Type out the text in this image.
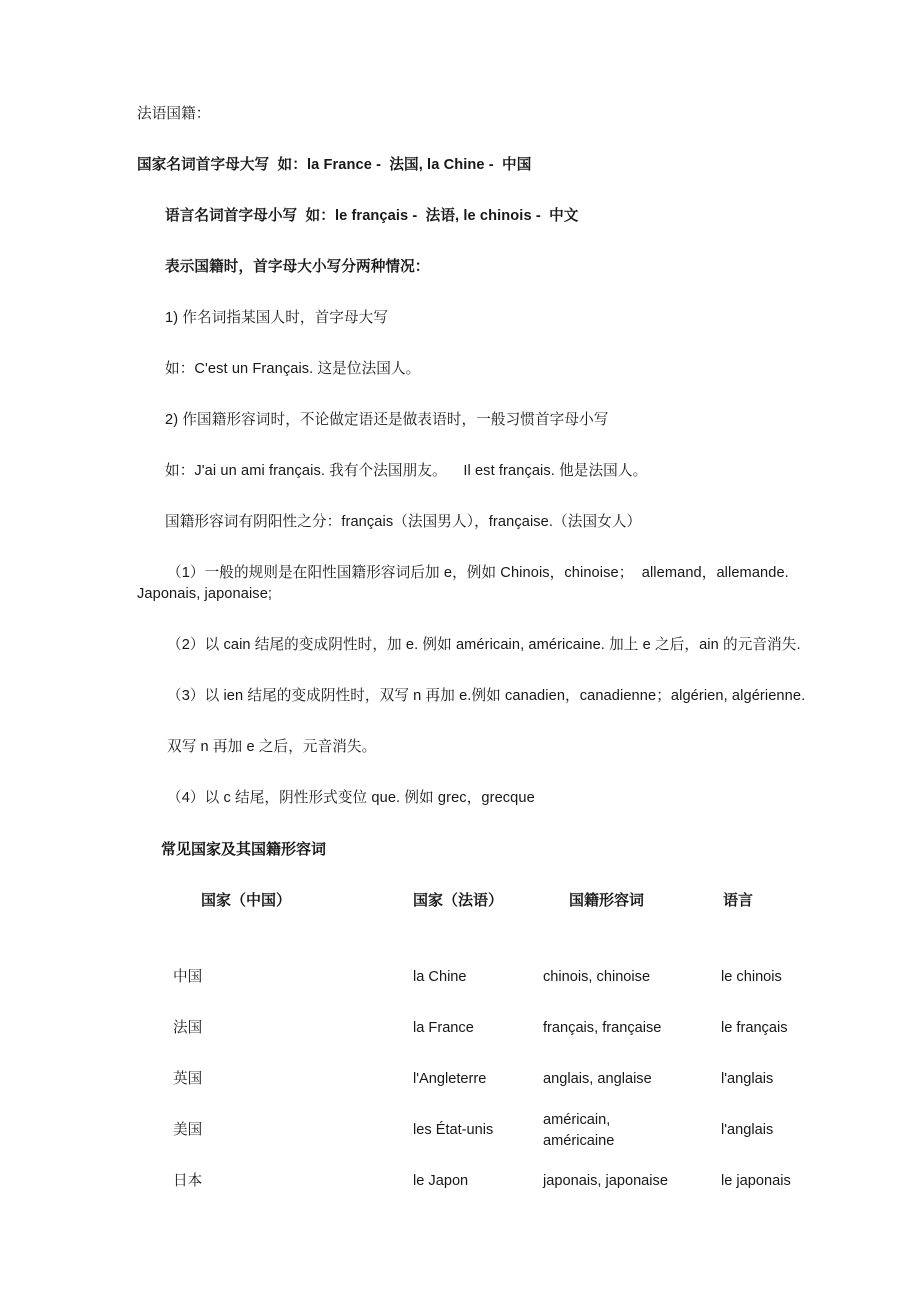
法语国籍：

国家名词首字母大写  如：la France -  法国, la Chine -  中国

语言名词首字母小写  如：le français -  法语, le chinois -  中文

表示国籍时，首字母大小写分两种情况：

1) 作名词指某国人时，首字母大写

如：C'est un Français. 这是位法国人。

2) 作国籍形容词时，不论做定语还是做表语时，一般习惯首字母小写

如：J'ai un ami français. 我有个法国朋友。    Il est français. 他是法国人。

国籍形容词有阴阳性之分：français（法国男人），française.（法国女人）

（1）一般的规则是在阳性国籍形容词后加 e，例如 Chinois，chinoise；  allemand，allemande. Japonais, japonaise;

（2）以 cain 结尾的变成阴性时，加 e. 例如 américain, américaine. 加上 e 之后，ain 的元音消失.

（3）以 ien 结尾的变成阴性时，双写 n 再加 e.例如 canadien，canadienne；algérien, algérienne.

双写 n 再加 e 之后，元音消失。

（4）以 c 结尾，阴性形式变位 que. 例如 grec，grecque

常见国家及其国籍形容词
国家（中国）	国家（法语）	国籍形容词	语言
中国	la Chine	chinois, chinoise	le chinois
法国	la France	français, française	le français
英国	l'Angleterre	anglais, anglaise	l'anglais
美国	les État-unis	américain, américaine	l'anglais
日本	le Japon	japonais, japonaise	le japonais
